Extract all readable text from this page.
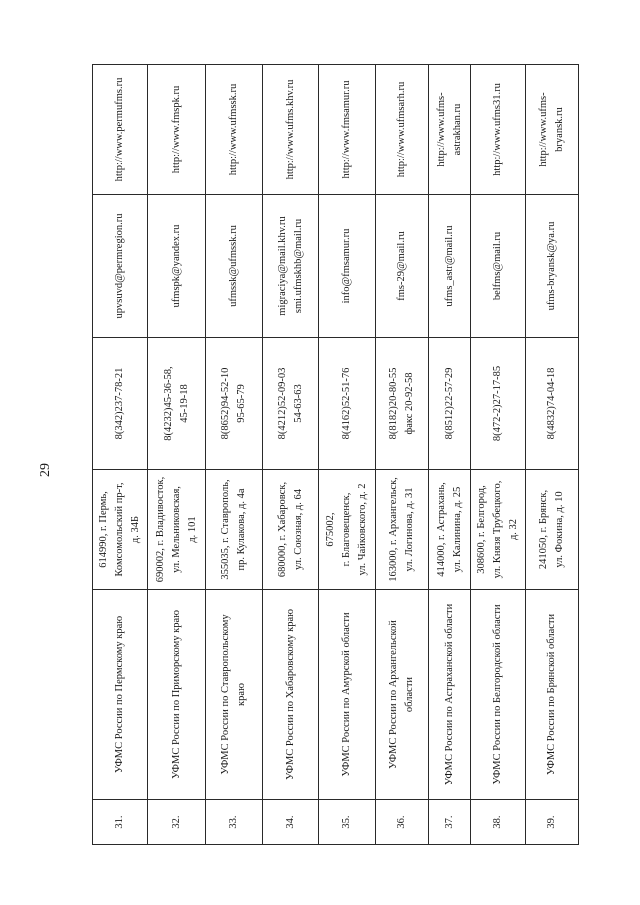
29
31.	УФМС России по Пермскому краю	614990, г. Пермь, Комсомольский пр-т, д. 34Б	8(342)237-78-21	upvsuvd@permregion.ru	http://www.permufms.ru

32.	УФМС России по Приморскому краю	690002, г. Владивосток, ул. Мельниковская, д. 101	8(4232)45-36-58, 45-19-18	ufmspk@yandex.ru	http://www.fmspk.ru

33.	УФМС России по Ставропольскому краю	355035, г. Ставрополь, пр. Кулакова, д. 4а	8(8652)94-52-10 95-65-79	ufmssk@ufmssk.ru	http://www.ufmssk.ru

34.	УФМС России по Хабаровскому краю	680000, г. Хабаровск, ул. Союзная, д. 64	8(4212)52-09-03 54-63-63	migraciya@mail.khv.ru smi.ufmskhb@mail.ru	http://www.ufms.khv.ru

35.	УФМС России по Амурской области	675002, г. Благовещенск, ул. Чайковского, д. 2	8(4162)52-51-76	info@fmsamur.ru	http://www.fmsamur.ru

36.	УФМС России по Архангельской области	163000, г. Архангельск, ул. Логинова, д. 31	8(8182)20-80-55 факс 20-92-58	fms-29@mail.ru	http://www.ufmsarh.ru

37.	УФМС России по Астраханской области	414000, г. Астрахань, ул. Калинина, д. 25	8(8512)22-57-29	ufms_astr@mail.ru	http://www.ufms- astrakhan.ru

38.	УФМС России по Белгородской области	308600, г. Белгород, ул. Князя Трубецкого, д. 32	8(472-2)27-17-85	belfms@mail.ru	http://www.ufms31.ru

39.	УФМС России по Брянской области	241050, г. Брянск, ул. Фокина, д. 10	8(4832)74-04-18	ufms-bryansk@ya.ru	http://www.ufms- bryansk.ru
